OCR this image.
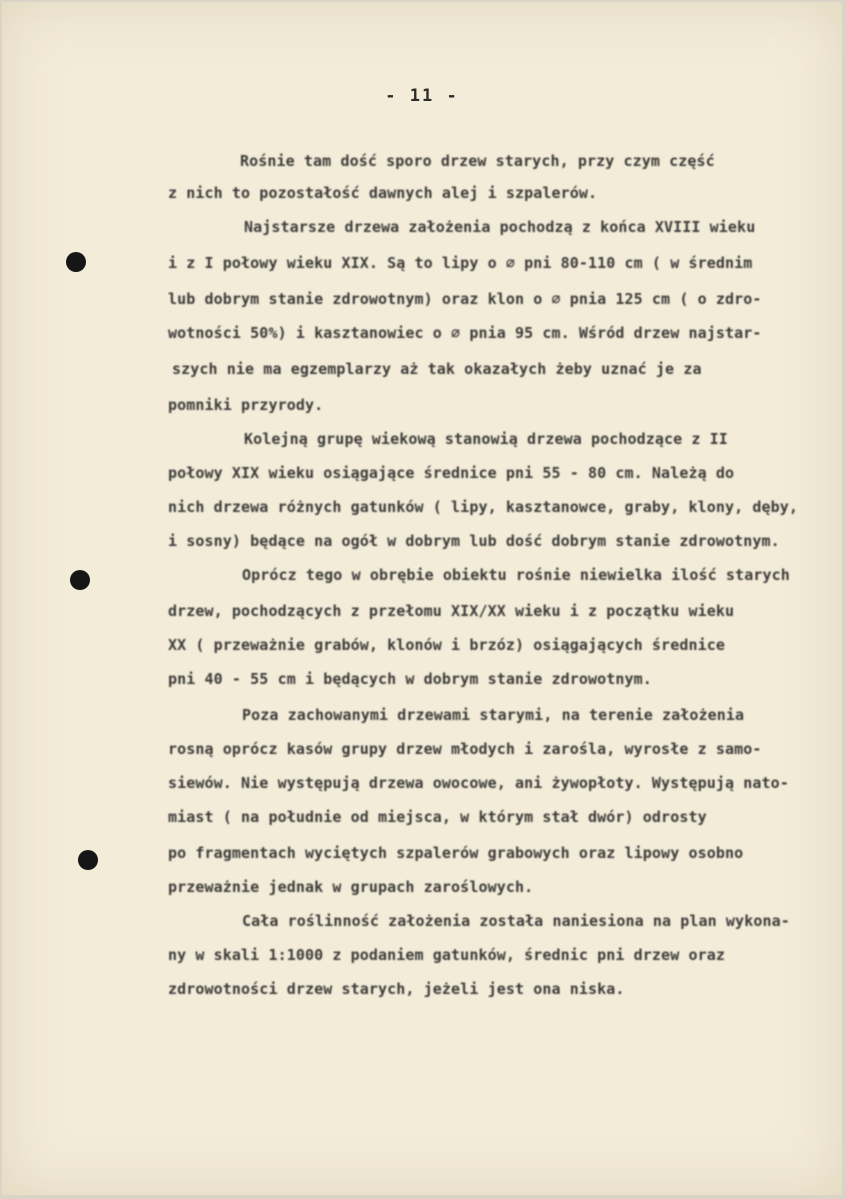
- 11 -
Rośnie tam dość sporo drzew starych, przy czym część
z nich to pozostałość dawnych alej i szpalerów.
Najstarsze drzewa założenia pochodzą z końca XVIII wieku
i z I połowy wieku XIX. Są to lipy o ∅ pni 80-110 cm ( w średnim
lub dobrym stanie zdrowotnym) oraz klon o ∅ pnia 125 cm ( o zdro-
wotności 50%) i kasztanowiec o ∅ pnia 95 cm. Wśród drzew najstar-
szych nie ma egzemplarzy aż tak okazałych żeby uznać je za
pomniki przyrody.
Kolejną grupę wiekową stanowią drzewa pochodzące z II
połowy XIX wieku osiągające średnice pni 55 - 80 cm. Należą do
nich drzewa różnych gatunków ( lipy, kasztanowce, graby, klony, dęby,
i sosny) będące na ogół w dobrym lub dość dobrym stanie zdrowotnym.
Oprócz tego w obrębie obiektu rośnie niewielka ilość starych
drzew, pochodzących z przełomu XIX/XX wieku i z początku wieku
XX ( przeważnie grabów, klonów i brzóz) osiągających średnice
pni 40 - 55 cm i będących w dobrym stanie zdrowotnym.
Poza zachowanymi drzewami starymi, na terenie założenia
rosną oprócz kasów grupy drzew młodych i zarośla, wyrosłe z samo-
siewów. Nie występują drzewa owocowe, ani żywopłoty. Występują nato-
miast ( na południe od miejsca, w którym stał dwór) odrosty
po fragmentach wyciętych szpalerów grabowych oraz lipowy osobno
przeważnie jednak w grupach zaroślowych.
Cała roślinność założenia została naniesiona na plan wykona-
ny w skali 1:1000 z podaniem gatunków, średnic pni drzew oraz
zdrowotności drzew starych, jeżeli jest ona niska.
